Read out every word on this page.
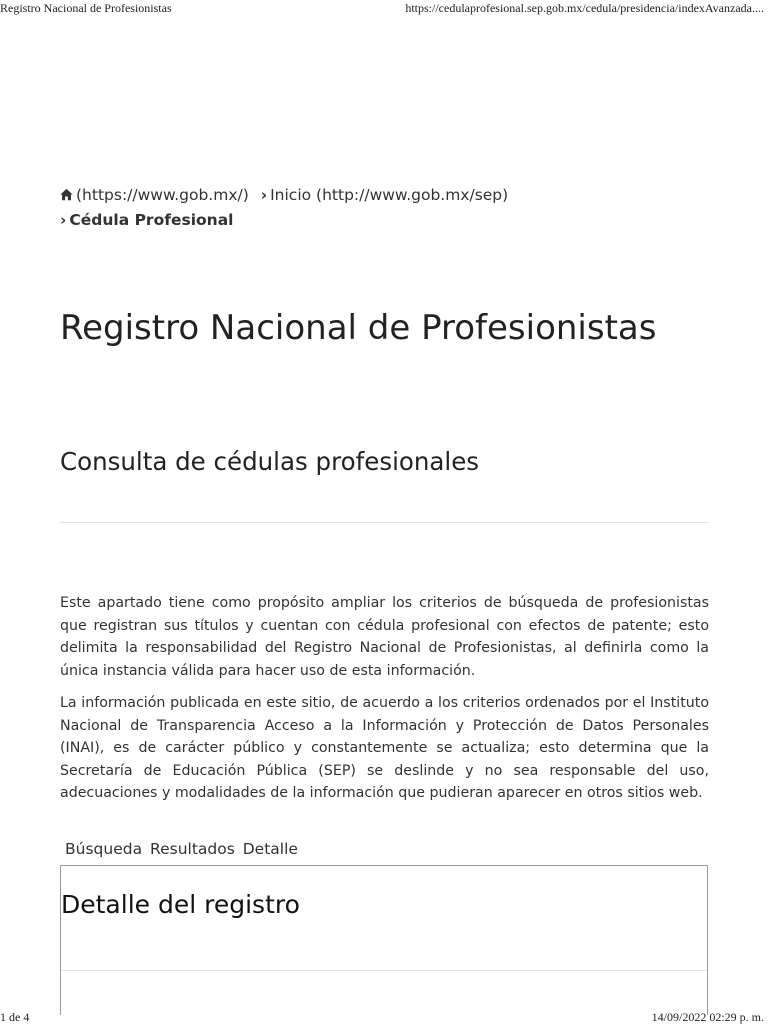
Registro Nacional de Profesionistas	https://cedulaprofesional.sep.gob.mx/cedula/presidencia/indexAvanzada....
(https://www.gob.mx/) › Inicio (http://www.gob.mx/sep)
› Cédula Profesional
Registro Nacional de Profesionistas
Consulta de cédulas profesionales

Este apartado tiene como propósito ampliar los criterios de búsqueda de profesionistas que registran sus títulos y cuentan con cédula profesional con efectos de patente; esto delimita la responsabilidad del Registro Nacional de Profesionistas, al definirla como la única instancia válida para hacer uso de esta información.

La información publicada en este sitio, de acuerdo a los criterios ordenados por el Instituto Nacional de Transparencia Acceso a la Información y Protección de Datos Personales (INAI), es de carácter público y constantemente se actualiza; esto determina que la Secretaría de Educación Pública (SEP) se deslinde y no sea responsable del uso, adecuaciones y modalidades de la información que pudieran aparecer en otros sitios web.

Búsqueda Resultados Detalle
Detalle del registro
1 de 4	14/09/2022 02:29 p. m.
